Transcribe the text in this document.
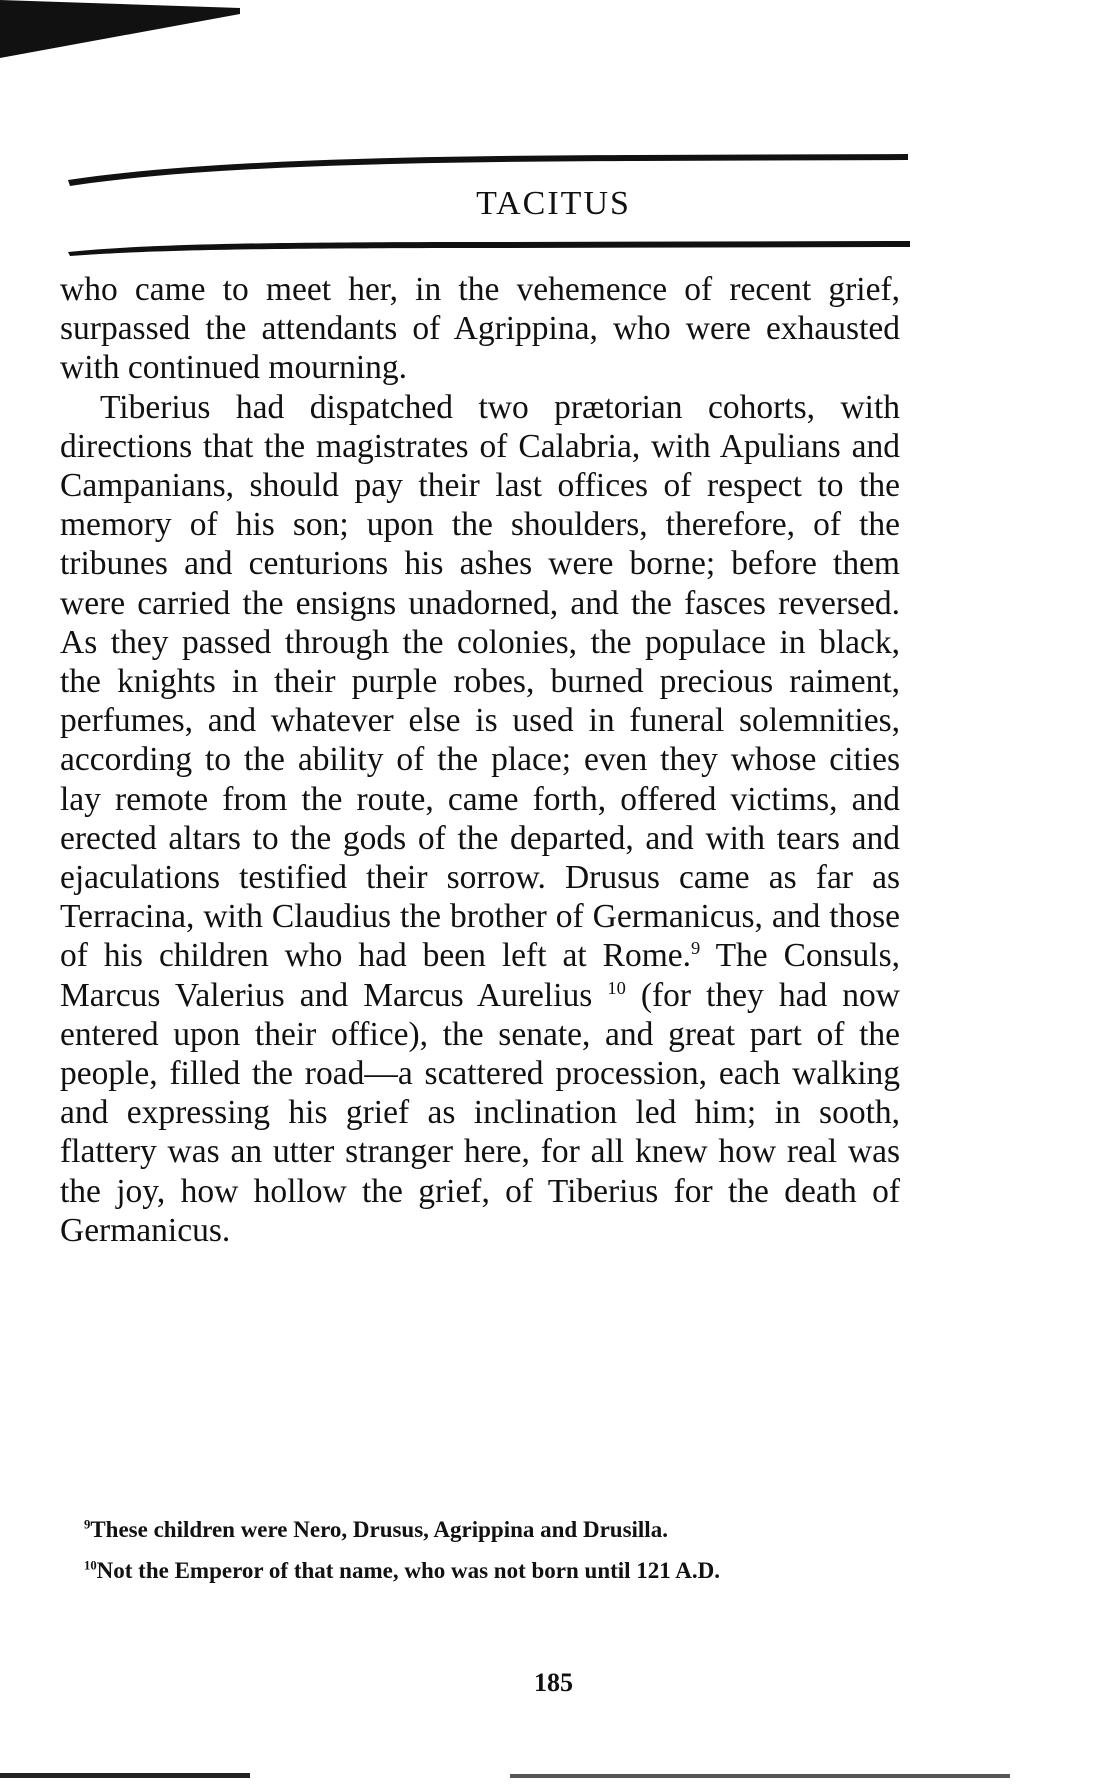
TACITUS

who came to meet her, in the vehemence of recent grief, surpassed the attendants of Agrippina, who were exhausted with continued mourning.

Tiberius had dispatched two prætorian cohorts, with directions that the magistrates of Calabria, with Apulians and Campanians, should pay their last offices of respect to the memory of his son; upon the shoulders, therefore, of the tribunes and centurions his ashes were borne; before them were carried the ensigns unadorned, and the fasces reversed. As they passed through the colonies, the populace in black, the knights in their purple robes, burned precious raiment, perfumes, and whatever else is used in funeral solemnities, according to the ability of the place; even they whose cities lay remote from the route, came forth, offered victims, and erected altars to the gods of the departed, and with tears and ejaculations testified their sorrow. Drusus came as far as Terracina, with Claudius the brother of Germanicus, and those of his children who had been left at Rome.$^9$ The Consuls, Marcus Valerius and Marcus Aurelius $^{10}$ (for they had now entered upon their office), the senate, and great part of the people, filled the road—a scattered procession, each walking and expressing his grief as inclination led him; in sooth, flattery was an utter stranger here, for all knew how real was the joy, how hollow the grief, of Tiberius for the death of Germanicus.

$^9$These children were Nero, Drusus, Agrippina and Drusilla.

$^{10}$Not the Emperor of that name, who was not born until 121 A.D.

185
